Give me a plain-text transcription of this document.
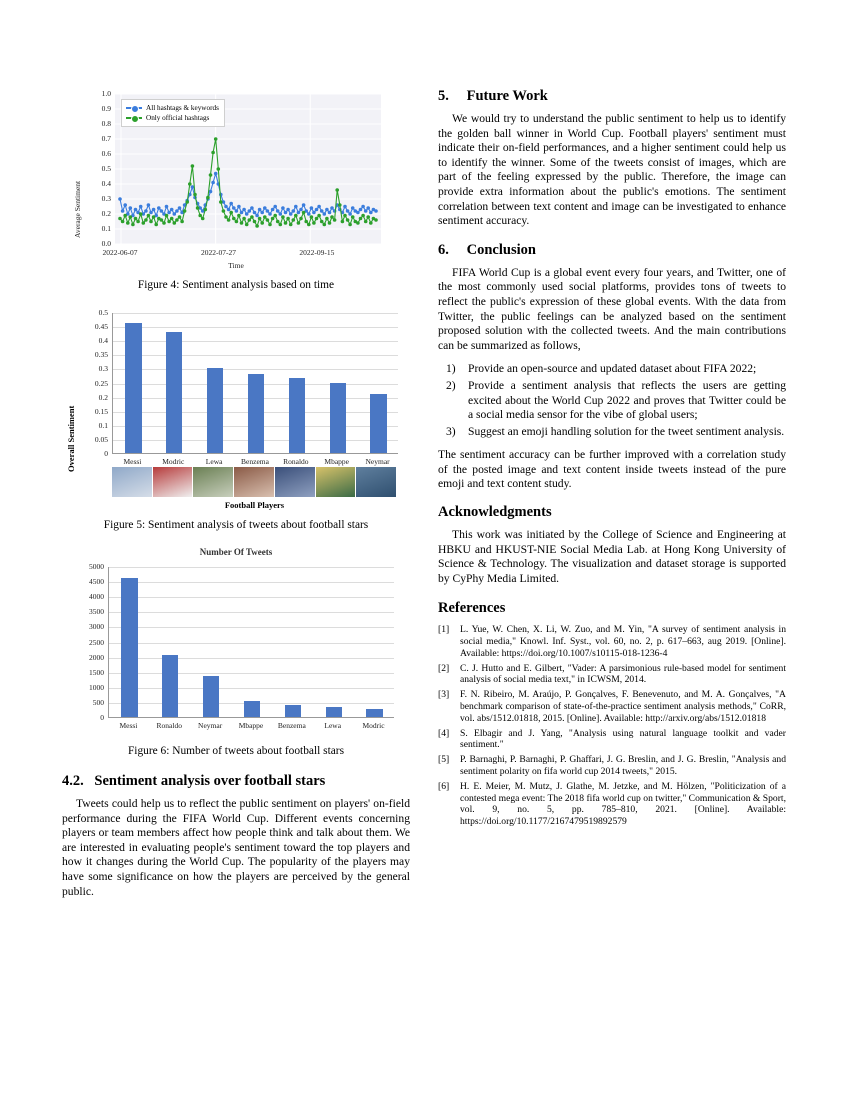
Average Sentiment
0.0
0.1
0.2
0.3
0.4
0.5
0.6
0.7
0.8
0.9
1.0
All hashtags & keywords
Only official hashtags
2022-06-07	2022-07-27	2022-09-15
Time
Figure 4: Sentiment analysis based on time
Overall Sentiment	0
0.05
0.1
0.15
0.2
0.25
0.3
0.35
0.4
0.45
0.5
Messi	Modric	Lewa	Benzema	Ronaldo	Mbappe	Neymar
Football Players
Figure 5: Sentiment analysis of tweets about football stars
Number Of Tweets
0
500
1000
1500
2000
2500
3000
3500
4000
4500
5000
Messi	Ronaldo	Neymar	Mbappe	Benzema	Lewa	Modric
Figure 6: Number of tweets about football stars
4.2. Sentiment analysis over football stars

Tweets could help us to reflect the public sentiment on players' on-field performance during the FIFA World Cup. Different events concerning players or team members affect how people think and talk about them. We are interested in evaluating people's sentiment toward the top players and how it changes during the World Cup. The popularity of the players may have some significance on how the players are perceived by the general public.

5. Future Work

We would try to understand the public sentiment to help us to identify the golden ball winner in World Cup. Football players' sentiment must indicate their on-field performances, and a higher sentiment could help us to identify the winner. Some of the tweets consist of images, which are part of the feeling expressed by the public. Therefore, the image can provide extra information about the public's emotions. The sentiment correlation between text content and image can be investigated to enhance sentiment accuracy.

6. Conclusion

FIFA World Cup is a global event every four years, and Twitter, one of the most commonly used social platforms, provides tons of tweets to reflect the public's expression of these global events. With the data from Twitter, the public feelings can be analyzed based on the sentiment proposed solution with the collected tweets. And the main contributions can be summarized as follows,

1) Provide an open-source and updated dataset about FIFA 2022;
2) Provide a sentiment analysis that reflects the users are getting excited about the World Cup 2022 and proves that Twitter could be a social media sensor for the vibe of global users;
3) Suggest an emoji handling solution for the tweet sentiment analysis.

The sentiment accuracy can be further improved with a correlation study of the posted image and text content inside tweets instead of the pure emoji and text content study.

Acknowledgments

This work was initiated by the College of Science and Engineering at HBKU and HKUST-NIE Social Media Lab. at Hong Kong University of Science & Technology. The visualization and dataset storage is supported by CyPhy Media Limited.

References
[1] L. Yue, W. Chen, X. Li, W. Zuo, and M. Yin, "A survey of sentiment analysis in social media," Knowl. Inf. Syst., vol. 60, no. 2, p. 617–663, aug 2019. [Online]. Available: https://doi.org/10.1007/s10115-018-1236-4
[2] C. J. Hutto and E. Gilbert, "Vader: A parsimonious rule-based model for sentiment analysis of social media text," in ICWSM, 2014.
[3] F. N. Ribeiro, M. Araújo, P. Gonçalves, F. Benevenuto, and M. A. Gonçalves, "A benchmark comparison of state-of-the-practice sentiment analysis methods," CoRR, vol. abs/1512.01818, 2015. [Online]. Available: http://arxiv.org/abs/1512.01818
[4] S. Elbagir and J. Yang, "Analysis using natural language toolkit and vader sentiment."
[5] P. Barnaghi, P. Barnaghi, P. Ghaffari, J. G. Breslin, and J. G. Breslin, "Analysis and sentiment polarity on fifa world cup 2014 tweets," 2015.
[6] H. E. Meier, M. Mutz, J. Glathe, M. Jetzke, and M. Hölzen, "Politicization of a contested mega event: The 2018 fifa world cup on twitter," Communication & Sport, vol. 9, no. 5, pp. 785–810, 2021. [Online]. Available: https://doi.org/10.1177/2167479519892579
